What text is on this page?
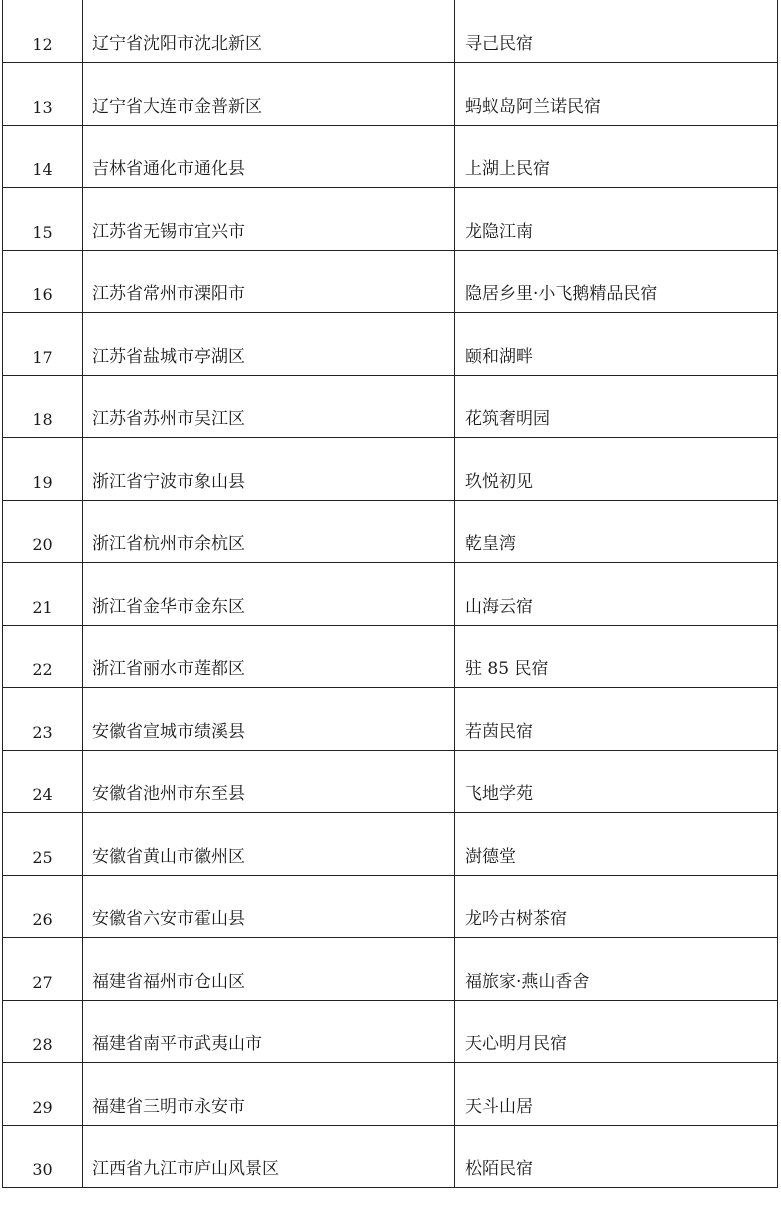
12	辽宁省沈阳市沈北新区	寻己民宿
13	辽宁省大连市金普新区	蚂蚁岛阿兰诺民宿
14	吉林省通化市通化县	上湖上民宿
15	江苏省无锡市宜兴市	龙隐江南
16	江苏省常州市溧阳市	隐居乡里·小飞鹅精品民宿
17	江苏省盐城市亭湖区	颐和湖畔
18	江苏省苏州市吴江区	花筑奢明园
19	浙江省宁波市象山县	玖悦初见
20	浙江省杭州市余杭区	乾皇湾
21	浙江省金华市金东区	山海云宿
22	浙江省丽水市莲都区	驻 85 民宿
23	安徽省宣城市绩溪县	若茵民宿
24	安徽省池州市东至县	飞地学苑
25	安徽省黄山市徽州区	澍德堂
26	安徽省六安市霍山县	龙吟古树茶宿
27	福建省福州市仓山区	福旅家·燕山香舍
28	福建省南平市武夷山市	天心明月民宿
29	福建省三明市永安市	天斗山居
30	江西省九江市庐山风景区	松陌民宿
